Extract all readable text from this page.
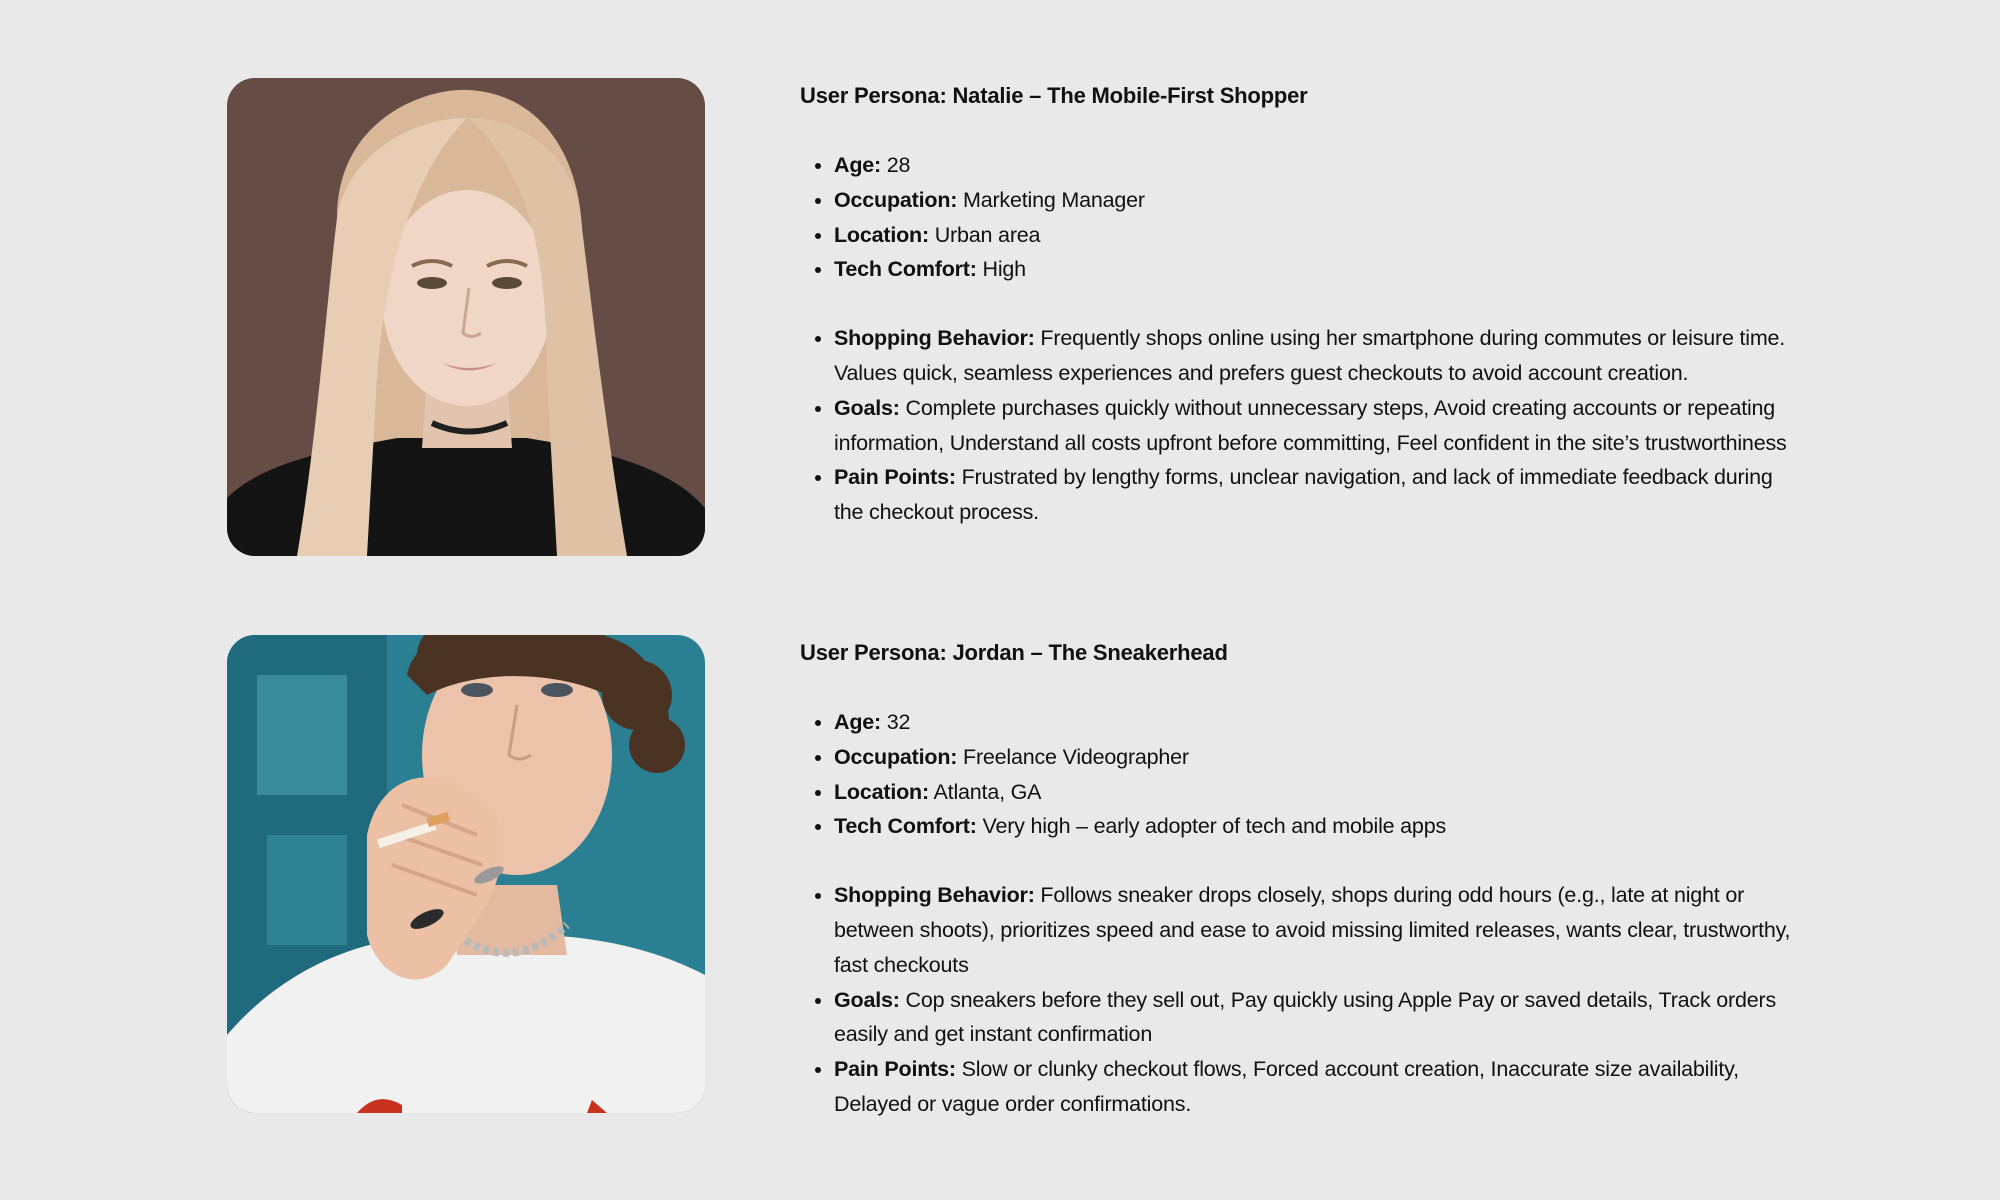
User Persona: Natalie – The Mobile-First Shopper
• Age: 28
• Occupation: Marketing Manager
• Location: Urban area
• Tech Comfort: High
• Shopping Behavior: Frequently shops online using her smartphone during commutes or leisure time. Values quick, seamless experiences and prefers guest checkouts to avoid account creation.
• Goals: Complete purchases quickly without unnecessary steps, Avoid creating accounts or repeating information, Understand all costs upfront before committing, Feel confident in the site’s trustworthiness
• Pain Points: Frustrated by lengthy forms, unclear navigation, and lack of immediate feedback during the checkout process.
User Persona: Jordan – The Sneakerhead
• Age: 32
• Occupation: Freelance Videographer
• Location: Atlanta, GA
• Tech Comfort: Very high – early adopter of tech and mobile apps
• Shopping Behavior: Follows sneaker drops closely, shops during odd hours (e.g., late at night or between shoots), prioritizes speed and ease to avoid missing limited releases, wants clear, trustworthy, fast checkouts
• Goals: Cop sneakers before they sell out, Pay quickly using Apple Pay or saved details, Track orders easily and get instant confirmation
• Pain Points: Slow or clunky checkout flows, Forced account creation, Inaccurate size availability, Delayed or vague order confirmations.
